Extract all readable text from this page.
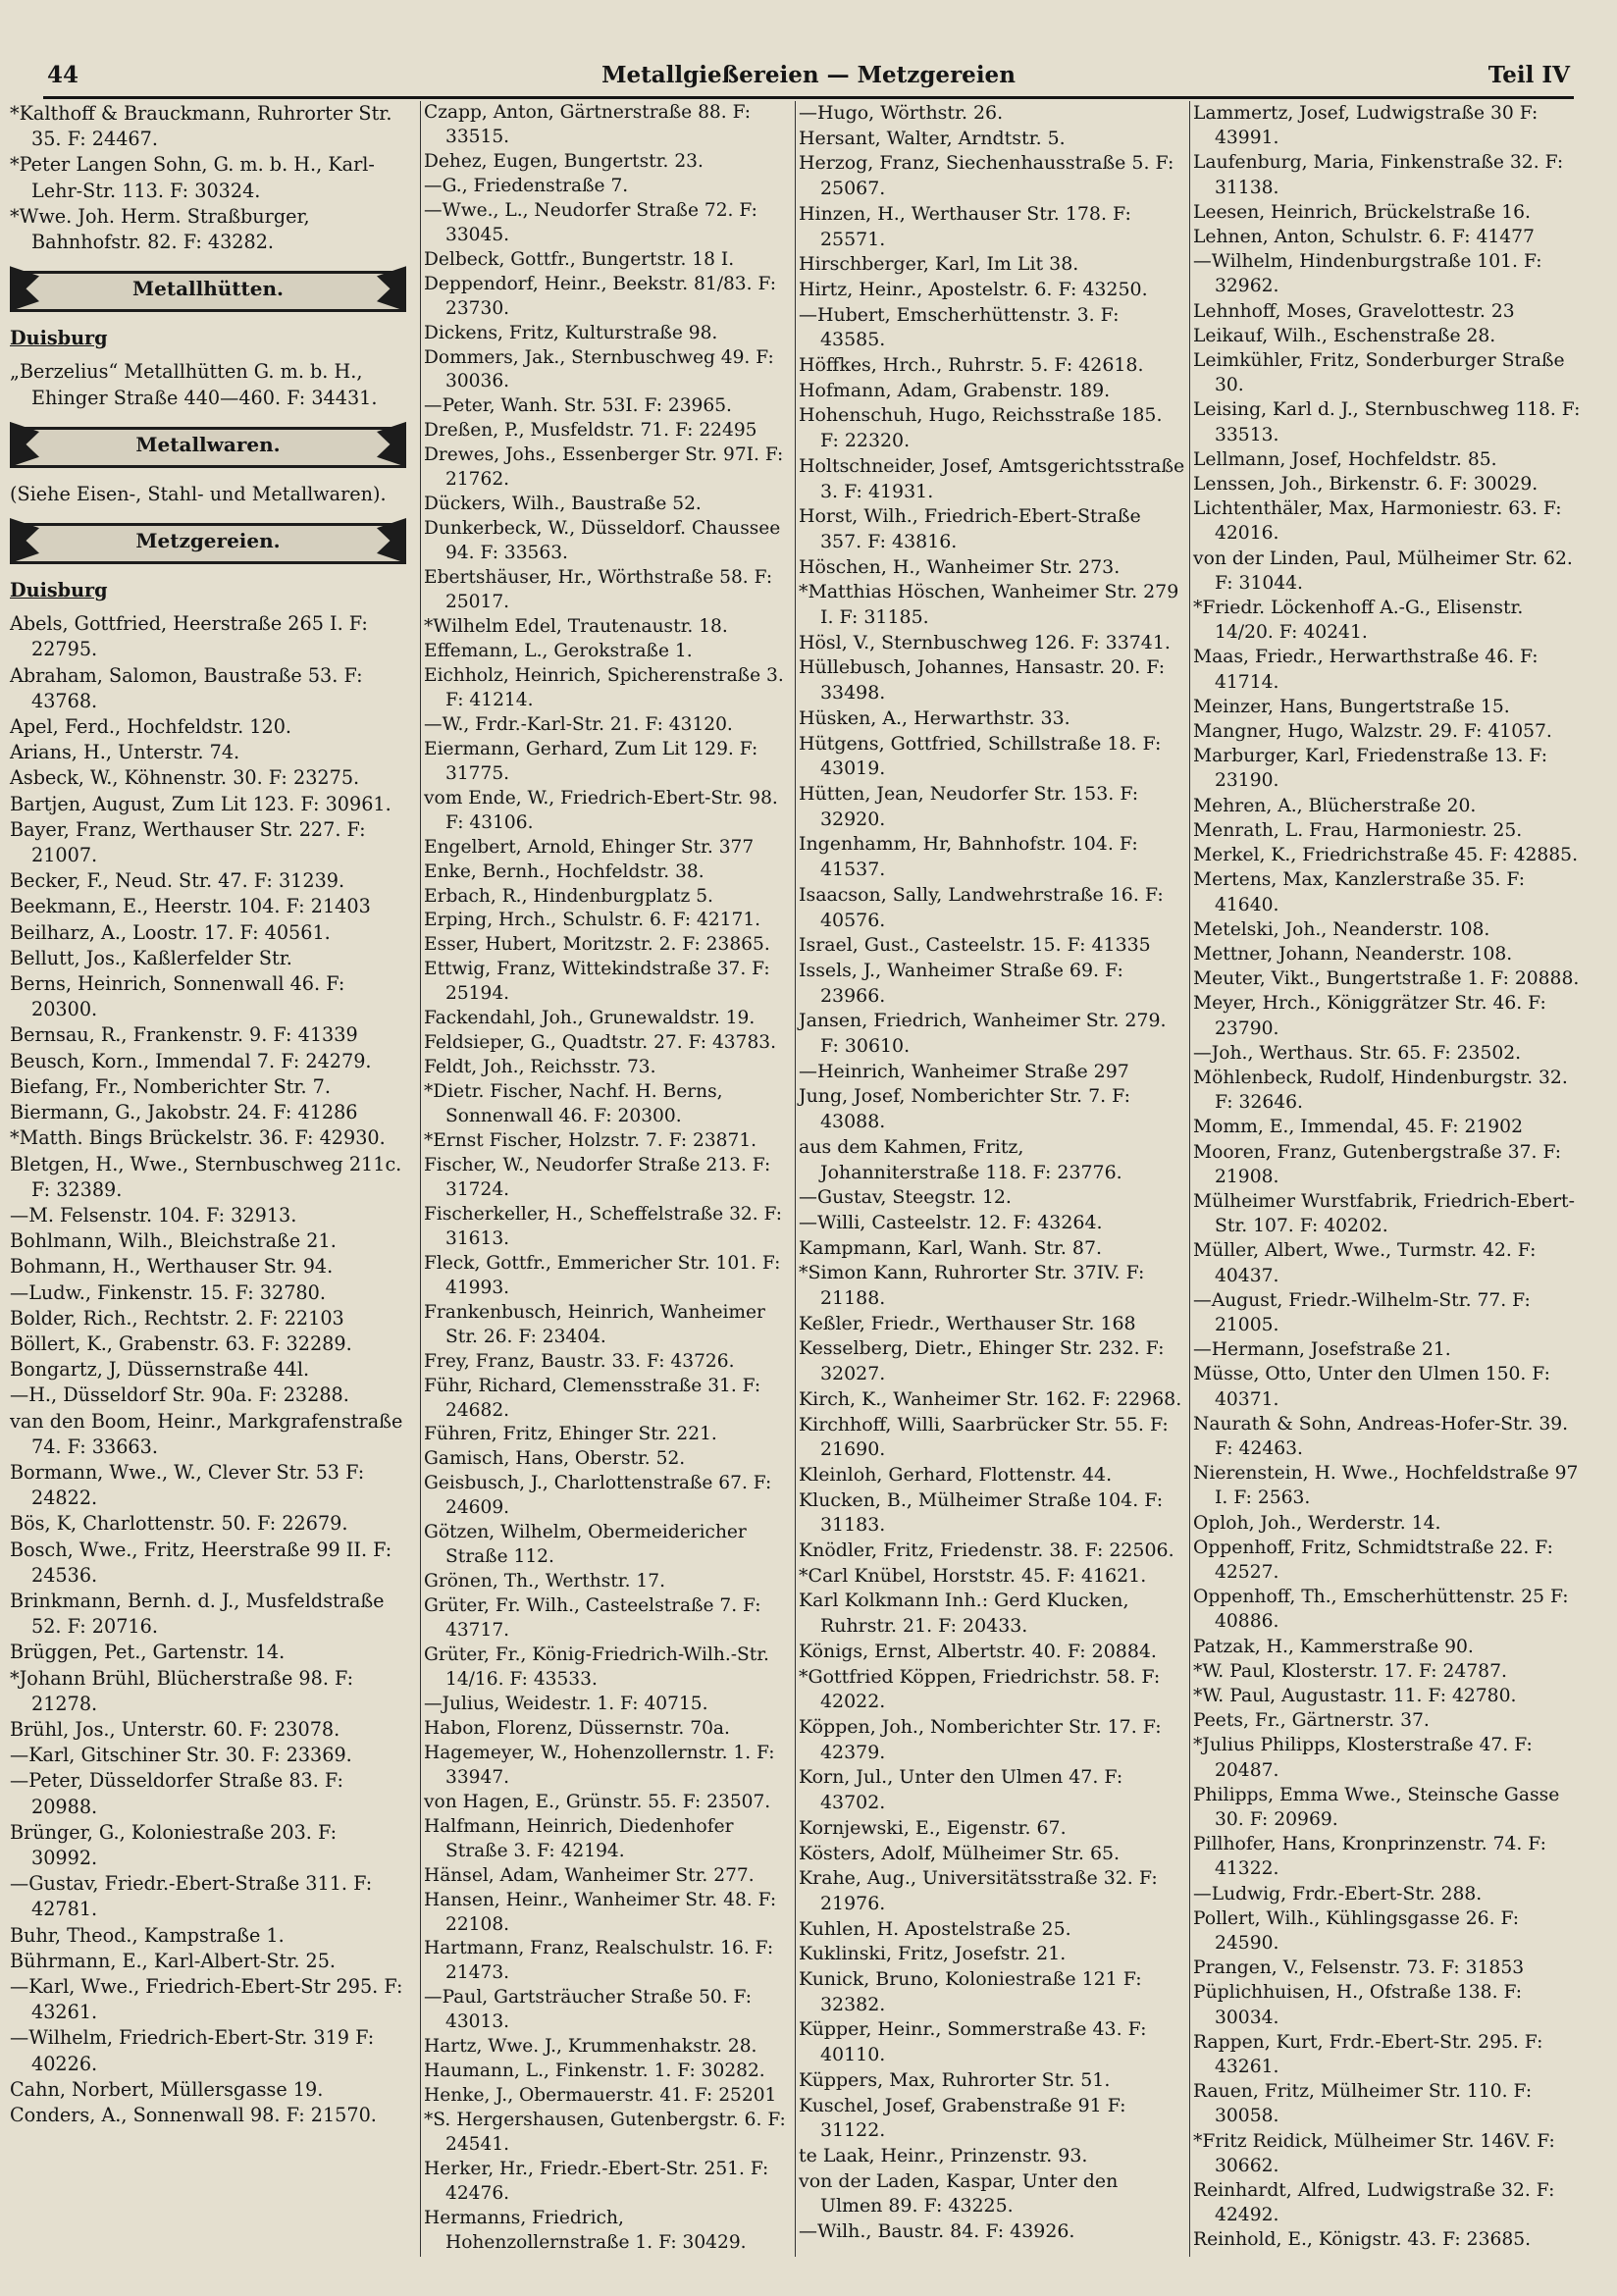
44	Metallgießereien — Metzgereien	Teil IV
*Kalthoff & Brauckmann, Ruhrorter Str. 35. F: 24467.
*Peter Langen Sohn, G. m. b. H., Karl-Lehr-Str. 113. F: 30324.
*Wwe. Joh. Herm. Straßburger, Bahnhofstr. 82. F: 43282.
Metallhütten.
Duisburg
„Berzelius“ Metallhütten G. m. b. H., Ehinger Straße 440—460. F: 34431.
Metallwaren.
(Siehe Eisen-, Stahl- und Metallwaren).
Metzgereien.
Duisburg
Abels, Gottfried, Heerstraße 265 I. F: 22795.
Abraham, Salomon, Baustraße 53. F: 43768.
Apel, Ferd., Hochfeldstr. 120.
Arians, H., Unterstr. 74.
Asbeck, W., Köhnenstr. 30. F: 23275.
Bartjen, August, Zum Lit 123. F: 30961.
Bayer, Franz, Werthauser Str. 227. F: 21007.
Becker, F., Neud. Str. 47. F: 31239.
Beekmann, E., Heerstr. 104. F: 21403
Beilharz, A., Loostr. 17. F: 40561.
Bellutt, Jos., Kaßlerfelder Str.
Berns, Heinrich, Sonnenwall 46. F: 20300.
Bernsau, R., Frankenstr. 9. F: 41339
Beusch, Korn., Immendal 7. F: 24279.
Biefang, Fr., Nomberichter Str. 7.
Biermann, G., Jakobstr. 24. F: 41286
*Matth. Bings Brückelstr. 36. F: 42930.
Bletgen, H., Wwe., Sternbuschweg 211c. F: 32389.
—M. Felsenstr. 104. F: 32913.
Bohlmann, Wilh., Bleichstraße 21.
Bohmann, H., Werthauser Str. 94.
—Ludw., Finkenstr. 15. F: 32780.
Bolder, Rich., Rechtstr. 2. F: 22103
Böllert, K., Grabenstr. 63. F: 32289.
Bongartz, J, Düssernstraße 44l.
—H., Düsseldorf Str. 90a. F: 23288.
van den Boom, Heinr., Markgrafenstraße 74. F: 33663.
Bormann, Wwe., W., Clever Str. 53 F: 24822.
Bös, K, Charlottenstr. 50. F: 22679.
Bosch, Wwe., Fritz, Heerstraße 99 II. F: 24536.
Brinkmann, Bernh. d. J., Musfeldstraße 52. F: 20716.
Brüggen, Pet., Gartenstr. 14.
*Johann Brühl, Blücherstraße 98. F: 21278.
Brühl, Jos., Unterstr. 60. F: 23078.
—Karl, Gitschiner Str. 30. F: 23369.
—Peter, Düsseldorfer Straße 83. F: 20988.
Brünger, G., Koloniestraße 203. F: 30992.
—Gustav, Friedr.-Ebert-Straße 311. F: 42781.
Buhr, Theod., Kampstraße 1.
Bührmann, E., Karl-Albert-Str. 25.
—Karl, Wwe., Friedrich-Ebert-Str 295. F: 43261.
—Wilhelm, Friedrich-Ebert-Str. 319 F: 40226.
Cahn, Norbert, Müllersgasse 19.
Conders, A., Sonnenwall 98. F: 21570.
Czapp, Anton, Gärtnerstraße 88. F: 33515.
Dehez, Eugen, Bungertstr. 23.
—G., Friedenstraße 7.
—Wwe., L., Neudorfer Straße 72. F: 33045.
Delbeck, Gottfr., Bungertstr. 18 I.
Deppendorf, Heinr., Beekstr. 81/83. F: 23730.
Dickens, Fritz, Kulturstraße 98.
Dommers, Jak., Sternbuschweg 49. F: 30036.
—Peter, Wanh. Str. 53I. F: 23965.
Dreßen, P., Musfeldstr. 71. F: 22495
Drewes, Johs., Essenberger Str. 97I. F: 21762.
Dückers, Wilh., Baustraße 52.
Dunkerbeck, W., Düsseldorf. Chaussee 94. F: 33563.
Ebertshäuser, Hr., Wörthstraße 58. F: 25017.
*Wilhelm Edel, Trautenaustr. 18.
Effemann, L., Gerokstraße 1.
Eichholz, Heinrich, Spicherenstraße 3. F: 41214.
—W., Frdr.-Karl-Str. 21. F: 43120.
Eiermann, Gerhard, Zum Lit 129. F: 31775.
vom Ende, W., Friedrich-Ebert-Str. 98. F: 43106.
Engelbert, Arnold, Ehinger Str. 377
Enke, Bernh., Hochfeldstr. 38.
Erbach, R., Hindenburgplatz 5.
Erping, Hrch., Schulstr. 6. F: 42171.
Esser, Hubert, Moritzstr. 2. F: 23865.
Ettwig, Franz, Wittekindstraße 37. F: 25194.
Fackendahl, Joh., Grunewaldstr. 19.
Feldsieper, G., Quadtstr. 27. F: 43783.
Feldt, Joh., Reichsstr. 73.
*Dietr. Fischer, Nachf. H. Berns, Sonnenwall 46. F: 20300.
*Ernst Fischer, Holzstr. 7. F: 23871.
Fischer, W., Neudorfer Straße 213. F: 31724.
Fischerkeller, H., Scheffelstraße 32. F: 31613.
Fleck, Gottfr., Emmericher Str. 101. F: 41993.
Frankenbusch, Heinrich, Wanheimer Str. 26. F: 23404.
Frey, Franz, Baustr. 33. F: 43726.
Führ, Richard, Clemensstraße 31. F: 24682.
Führen, Fritz, Ehinger Str. 221.
Gamisch, Hans, Oberstr. 52.
Geisbusch, J., Charlottenstraße 67. F: 24609.
Götzen, Wilhelm, Obermeidericher Straße 112.
Grönen, Th., Werthstr. 17.
Grüter, Fr. Wilh., Casteelstraße 7. F: 43717.
Grüter, Fr., König-Friedrich-Wilh.-Str. 14/16. F: 43533.
—Julius, Weidestr. 1. F: 40715.
Habon, Florenz, Düssernstr. 70a.
Hagemeyer, W., Hohenzollernstr. 1. F: 33947.
von Hagen, E., Grünstr. 55. F: 23507.
Halfmann, Heinrich, Diedenhofer Straße 3. F: 42194.
Hänsel, Adam, Wanheimer Str. 277.
Hansen, Heinr., Wanheimer Str. 48. F: 22108.
Hartmann, Franz, Realschulstr. 16. F: 21473.
—Paul, Gartsträucher Straße 50. F: 43013.
Hartz, Wwe. J., Krummenhakstr. 28.
Haumann, L., Finkenstr. 1. F: 30282.
Henke, J., Obermauerstr. 41. F: 25201
*S. Hergershausen, Gutenbergstr. 6. F: 24541.
Herker, Hr., Friedr.-Ebert-Str. 251. F: 42476.
Hermanns, Friedrich, Hohenzollernstraße 1. F: 30429.
—Hugo, Wörthstr. 26.
Hersant, Walter, Arndtstr. 5.
Herzog, Franz, Siechenhausstraße 5. F: 25067.
Hinzen, H., Werthauser Str. 178. F: 25571.
Hirschberger, Karl, Im Lit 38.
Hirtz, Heinr., Apostelstr. 6. F: 43250.
—Hubert, Emscherhüttenstr. 3. F: 43585.
Höffkes, Hrch., Ruhrstr. 5. F: 42618.
Hofmann, Adam, Grabenstr. 189.
Hohenschuh, Hugo, Reichsstraße 185. F: 22320.
Holtschneider, Josef, Amtsgerichtsstraße 3. F: 41931.
Horst, Wilh., Friedrich-Ebert-Straße 357. F: 43816.
Höschen, H., Wanheimer Str. 273.
*Matthias Höschen, Wanheimer Str. 279 I. F: 31185.
Hösl, V., Sternbuschweg 126. F: 33741.
Hüllebusch, Johannes, Hansastr. 20. F: 33498.
Hüsken, A., Herwarthstr. 33.
Hütgens, Gottfried, Schillstraße 18. F: 43019.
Hütten, Jean, Neudorfer Str. 153. F: 32920.
Ingenhamm, Hr, Bahnhofstr. 104. F: 41537.
Isaacson, Sally, Landwehrstraße 16. F: 40576.
Israel, Gust., Casteelstr. 15. F: 41335
Issels, J., Wanheimer Straße 69. F: 23966.
Jansen, Friedrich, Wanheimer Str. 279. F: 30610.
—Heinrich, Wanheimer Straße 297
Jung, Josef, Nomberichter Str. 7. F: 43088.
aus dem Kahmen, Fritz, Johanniterstraße 118. F: 23776.
—Gustav, Steegstr. 12.
—Willi, Casteelstr. 12. F: 43264.
Kampmann, Karl, Wanh. Str. 87.
*Simon Kann, Ruhrorter Str. 37IV. F: 21188.
Keßler, Friedr., Werthauser Str. 168
Kesselberg, Dietr., Ehinger Str. 232. F: 32027.
Kirch, K., Wanheimer Str. 162. F: 22968.
Kirchhoff, Willi, Saarbrücker Str. 55. F: 21690.
Kleinloh, Gerhard, Flottenstr. 44.
Klucken, B., Mülheimer Straße 104. F: 31183.
Knödler, Fritz, Friedenstr. 38. F: 22506.
*Carl Knübel, Horststr. 45. F: 41621.
Karl Kolkmann Inh.: Gerd Klucken, Ruhrstr. 21. F: 20433.
Königs, Ernst, Albertstr. 40. F: 20884.
*Gottfried Köppen, Friedrichstr. 58. F: 42022.
Köppen, Joh., Nomberichter Str. 17. F: 42379.
Korn, Jul., Unter den Ulmen 47. F: 43702.
Kornjewski, E., Eigenstr. 67.
Kösters, Adolf, Mülheimer Str. 65.
Krahe, Aug., Universitätsstraße 32. F: 21976.
Kuhlen, H. Apostelstraße 25.
Kuklinski, Fritz, Josefstr. 21.
Kunick, Bruno, Koloniestraße 121 F: 32382.
Küpper, Heinr., Sommerstraße 43. F: 40110.
Küppers, Max, Ruhrorter Str. 51.
Kuschel, Josef, Grabenstraße 91 F: 31122.
te Laak, Heinr., Prinzenstr. 93.
von der Laden, Kaspar, Unter den Ulmen 89. F: 43225.
—Wilh., Baustr. 84. F: 43926.
Lammertz, Josef, Ludwigstraße 30 F: 43991.
Laufenburg, Maria, Finkenstraße 32. F: 31138.
Leesen, Heinrich, Brückelstraße 16.
Lehnen, Anton, Schulstr. 6. F: 41477
—Wilhelm, Hindenburgstraße 101. F: 32962.
Lehnhoff, Moses, Gravelottestr. 23
Leikauf, Wilh., Eschenstraße 28.
Leimkühler, Fritz, Sonderburger Straße 30.
Leising, Karl d. J., Sternbuschweg 118. F: 33513.
Lellmann, Josef, Hochfeldstr. 85.
Lenssen, Joh., Birkenstr. 6. F: 30029.
Lichtenthäler, Max, Harmoniestr. 63. F: 42016.
von der Linden, Paul, Mülheimer Str. 62. F: 31044.
*Friedr. Löckenhoff A.-G., Elisenstr. 14/20. F: 40241.
Maas, Friedr., Herwarthstraße 46. F: 41714.
Meinzer, Hans, Bungertstraße 15.
Mangner, Hugo, Walzstr. 29. F: 41057.
Marburger, Karl, Friedenstraße 13. F: 23190.
Mehren, A., Blücherstraße 20.
Menrath, L. Frau, Harmoniestr. 25.
Merkel, K., Friedrichstraße 45. F: 42885.
Mertens, Max, Kanzlerstraße 35. F: 41640.
Metelski, Joh., Neanderstr. 108.
Mettner, Johann, Neanderstr. 108.
Meuter, Vikt., Bungertstraße 1. F: 20888.
Meyer, Hrch., Königgrätzer Str. 46. F: 23790.
—Joh., Werthaus. Str. 65. F: 23502.
Möhlenbeck, Rudolf, Hindenburgstr. 32. F: 32646.
Momm, E., Immendal, 45. F: 21902
Mooren, Franz, Gutenbergstraße 37. F: 21908.
Mülheimer Wurstfabrik, Friedrich-Ebert-Str. 107. F: 40202.
Müller, Albert, Wwe., Turmstr. 42. F: 40437.
—August, Friedr.-Wilhelm-Str. 77. F: 21005.
—Hermann, Josefstraße 21.
Müsse, Otto, Unter den Ulmen 150. F: 40371.
Naurath & Sohn, Andreas-Hofer-Str. 39. F: 42463.
Nierenstein, H. Wwe., Hochfeldstraße 97 I. F: 2563.
Oploh, Joh., Werderstr. 14.
Oppenhoff, Fritz, Schmidtstraße 22. F: 42527.
Oppenhoff, Th., Emscherhüttenstr. 25 F: 40886.
Patzak, H., Kammerstraße 90.
*W. Paul, Klosterstr. 17. F: 24787.
*W. Paul, Augustastr. 11. F: 42780.
Peets, Fr., Gärtnerstr. 37.
*Julius Philipps, Klosterstraße 47. F: 20487.
Philipps, Emma Wwe., Steinsche Gasse 30. F: 20969.
Pillhofer, Hans, Kronprinzenstr. 74. F: 41322.
—Ludwig, Frdr.-Ebert-Str. 288.
Pollert, Wilh., Kühlingsgasse 26. F: 24590.
Prangen, V., Felsenstr. 73. F: 31853
Püplichhuisen, H., Ofstraße 138. F: 30034.
Rappen, Kurt, Frdr.-Ebert-Str. 295. F: 43261.
Rauen, Fritz, Mülheimer Str. 110. F: 30058.
*Fritz Reidick, Mülheimer Str. 146V. F: 30662.
Reinhardt, Alfred, Ludwigstraße 32. F: 42492.
Reinhold, E., Königstr. 43. F: 23685.
